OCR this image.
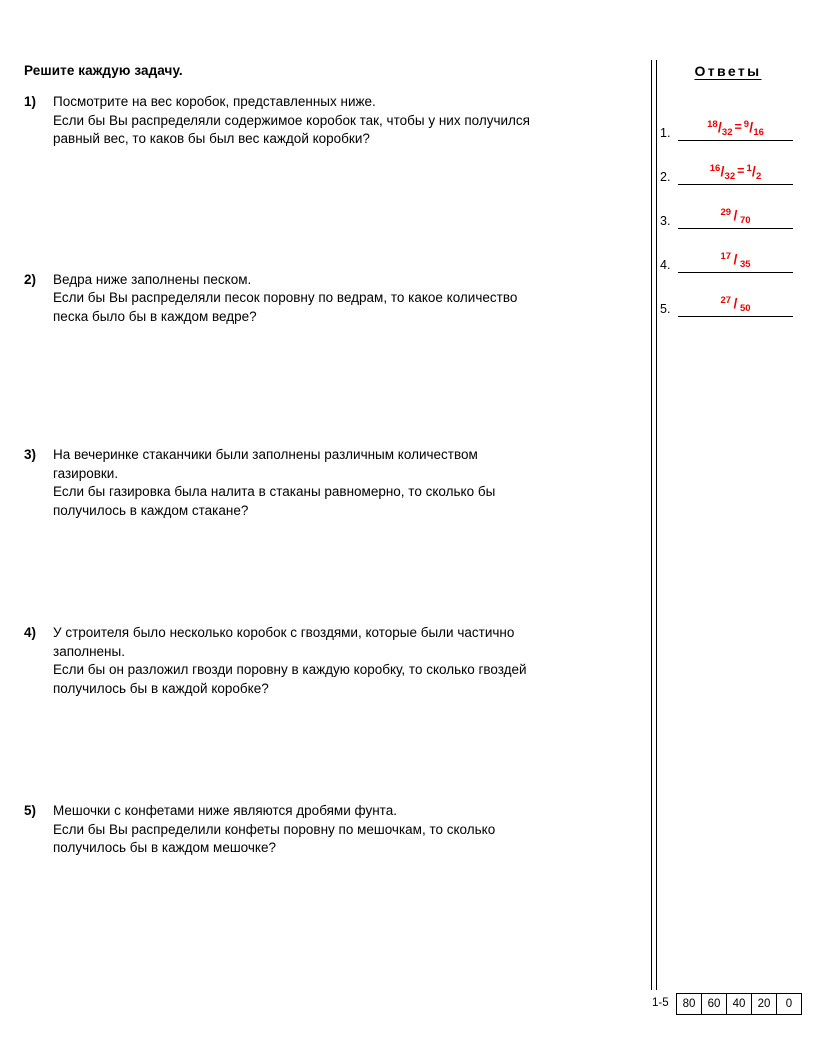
Решите каждую задачу.
1) Посмотрите на вес коробок, представленных ниже.
Если бы Вы распределяли содержимое коробок так, чтобы у них получился
равный вес, то каков бы был вес каждой коробки?
2) Ведра ниже заполнены песком.
Если бы Вы распределяли песок поровну по ведрам, то какое количество
песка было бы в каждом ведре?
3) На вечеринке стаканчики были заполнены различным количеством
газировки.
Если бы газировка была налита в стаканы равномерно, то сколько бы
получилось в каждом стакане?
4) У строителя было несколько коробок с гвоздями, которые были частично
заполнены.
Если бы он разложил гвозди поровну в каждую коробку, то сколько гвоздей
получилось бы в каждой коробке?
5) Мешочки с конфетами ниже являются дробями фунта.
Если бы Вы распределили конфеты поровну по мешочкам, то сколько
получилось бы в каждом мешочке?
Ответы
1.
$^{18}/_{32} = ^9/_{16}$
2.
$^{16}/_{32} = ^1/_2$
3.
$^{29}$ / $_{70}$
4.
$^{17}$ / $_{35}$
5.
$^{27}$ / $_{50}$
1-5	80	60	40	20	0
